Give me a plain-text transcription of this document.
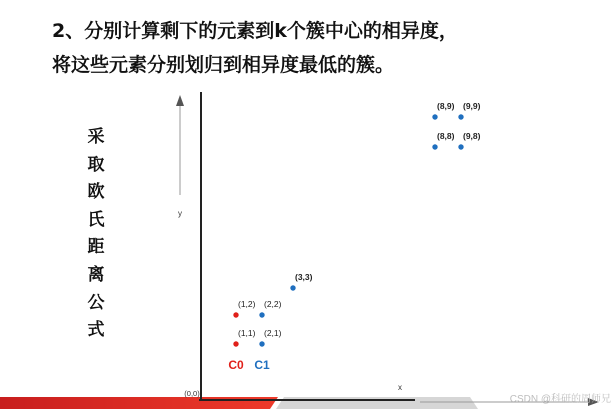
2、分别计算剩下的元素到k个簇中心的相异度，
将这些元素分别划归到相异度最低的簇。
采
取
欧
氏
距
离
公
式
y
x
(0,0)
(1,1) (2,1)
(1,2) (2,2)
(3,3)
(8,8) (9,8)
(8,9) (9,9)
C0 C1
CSDN @科研的周师兄
